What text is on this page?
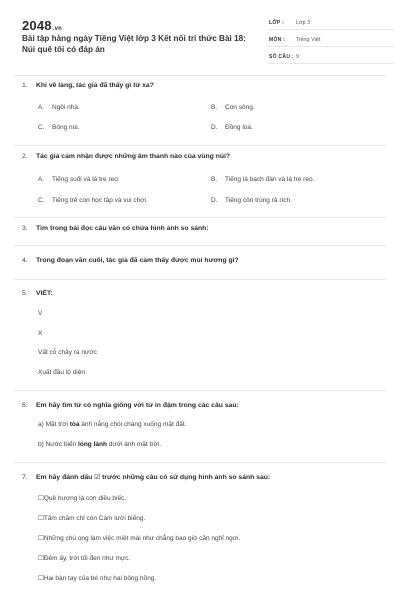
2048.vn
Bài tập hàng ngày Tiếng Việt lớp 3 Kết nối tri thức Bài 18: Núi quê tôi có đáp án
LỚP :	Lớp 3
MÔN :	Tiếng Việt
SỐ CÂU : 9
1.	Khi về làng, tác giả đã thấy gì từ xa?
A. Ngôi nhà.	B. Con sông.
C. Bóng núi.	D. Đồng lúa.
2.	Tác giả cảm nhận được những âm thanh nào của vùng núi?
A. Tiếng suối và lá tre reo.	B. Tiếng lá bạch đàn và lá tre reo.
C. Tiếng trẻ con học tập và vui chơi.	D. Tiếng côn trùng rả rích.
3.	Tìm trong bài đọc câu văn có chứa hình ảnh so sánh:
4.	Trong đoạn văn cuối, tác giả đã cảm thấy được mùi hương gì?
5.	VIẾT:
V
X
Vất cỗ chảy ra nước
Xuất đầu lộ diện
6.	Em hãy tìm từ có nghĩa giống với từ in đậm trong các câu sau:
a) Mặt trời tỏa ánh nắng chói chang xuống mặt đất.
b) Nước biển lóng lánh dưới ánh mặt trời.
7.	Em hãy đánh dấu ☑ trước những câu có sử dụng hình ảnh so sánh sau:
☐Quê hương là con diều biếc.
☐Tấm chăm chỉ còn Cám lười biếng.
☐Những chú ong làm việc miệt mài như chẳng bao giờ cần nghỉ ngơi.
☐Đêm ấy, trời tối đen như mực.
☐Hai bàn tay của bé như hai bông hồng.
